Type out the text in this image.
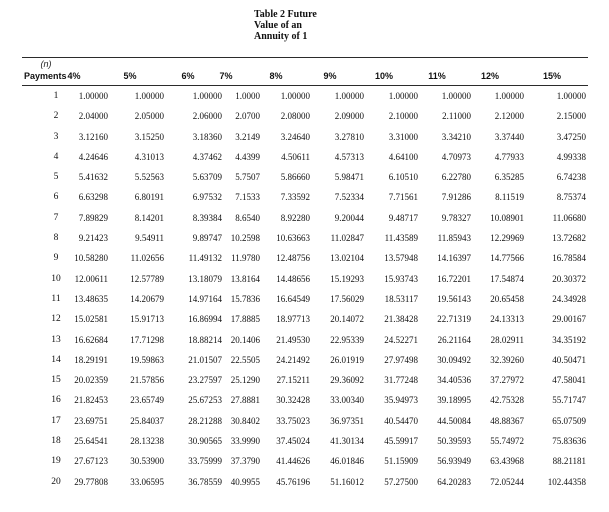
Table 2 Future
Value of an
Annuity of 1
(n)
Payments 4%	5%	6%	7%	8%	9%	10%	11%	12%	15%
1	1.00000	1.00000	1.00000	1.0000	1.00000	1.00000	1.00000	1.00000	1.00000	1.00000
2	2.04000	2.05000	2.06000	2.0700	2.08000	2.09000	2.10000	2.11000	2.12000	2.15000
3	3.12160	3.15250	3.18360	3.2149	3.24640	3.27810	3.31000	3.34210	3.37440	3.47250
4	4.24646	4.31013	4.37462	4.4399	4.50611	4.57313	4.64100	4.70973	4.77933	4.99338
5	5.41632	5.52563	5.63709	5.7507	5.86660	5.98471	6.10510	6.22780	6.35285	6.74238
6	6.63298	6.80191	6.97532	7.1533	7.33592	7.52334	7.71561	7.91286	8.11519	8.75374
7	7.89829	8.14201	8.39384	8.6540	8.92280	9.20044	9.48717	9.78327	10.08901	11.06680
8	9.21423	9.54911	9.89747 10.2598	10.63663	11.02847	11.43589	11.85943	12.29969	13.72682
9	10.58280	11.02656	11.49132	11.9780	12.48756	13.02104	13.57948	14.16397	14.77566	16.78584
10	12.00611	12.57789	13.18079 13.8164	14.48656	15.19293	15.93743	16.72201	17.54874	20.30372
11	13.48635	14.20679	14.97164 15.7836	16.64549	17.56029	18.53117	19.56143	20.65458	24.34928
12	15.02581	15.91713	16.86994 17.8885	18.97713	20.14072	21.38428	22.71319	24.13313	29.00167
13	16.62684	17.71298	18.88214 20.1406	21.49530	22.95339	24.52271	26.21164	28.02911	34.35192
14	18.29191	19.59863	21.01507 22.5505	24.21492	26.01919	27.97498	30.09492	32.39260	40.50471
15	20.02359	21.57856	23.27597 25.1290	27.15211	29.36092	31.77248	34.40536	37.27972	47.58041
16	21.82453	23.65749	25.67253 27.8881	30.32428	33.00340	35.94973	39.18995	42.75328	55.71747
17	23.69751	25.84037	28.21288 30.8402	33.75023	36.97351	40.54470	44.50084	48.88367	65.07509
18	25.64541	28.13238	30.90565 33.9990	37.45024	41.30134	45.59917	50.39593	55.74972	75.83636
19	27.67123	30.53900	33.75999 37.3790	41.44626	46.01846	51.15909	56.93949	63.43968	88.21181
20	29.77808	33.06595	36.78559 40.9955	45.76196	51.16012	57.27500	64.20283	72.05244	102.44358
